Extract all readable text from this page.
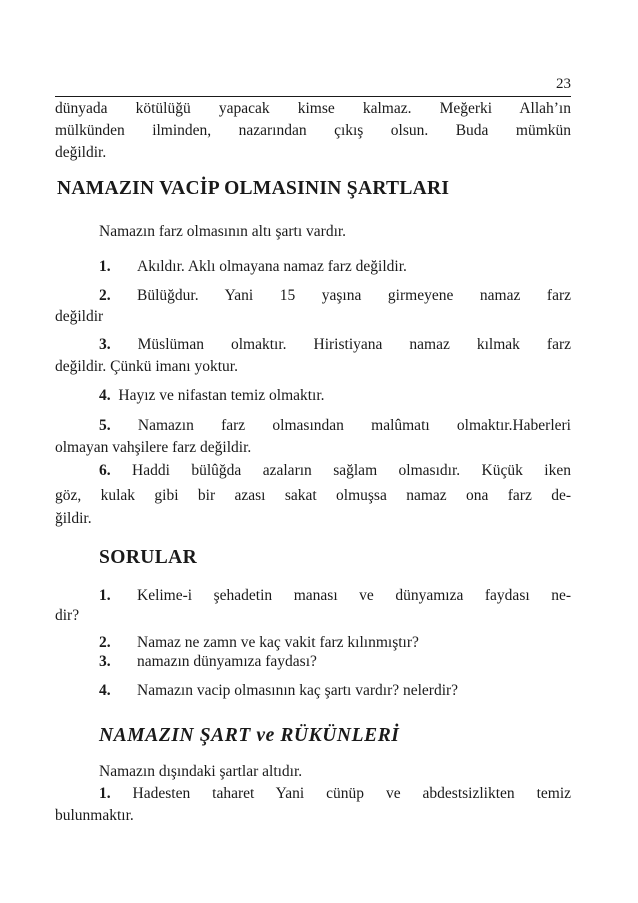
23
dünyada kötülüğü yapacak kimse kalmaz. Meğerki Allah’ın
mülkünden ilminden, nazarından çıkış olsun. Buda mümkün
değildir.
NAMAZIN VACİP OLMASININ ŞARTLARI
Namazın farz olmasının altı şartı vardır.
1. Akıldır. Aklı olmayana namaz farz değildir.
2. Bülüğdur. Yani 15 yaşına girmeyene namaz farz
değildir
3. Müslüman olmaktır. Hiristiyana namaz kılmak farz
değildir. Çünkü imanı yoktur.
4. Hayız ve nifastan temiz olmaktır.
5. Namazın farz olmasından malûmatı olmaktır.Haberleri
olmayan vahşilere farz değildir.
6. Haddi bülûğda azaların sağlam olmasıdır. Küçük iken
göz, kulak gibi bir azası sakat olmuşsa namaz ona farz de-
ğildir.
SORULAR
1. Kelime-i şehadetin manası ve dünyamıza faydası ne-
dir?
2. Namaz ne zamn ve kaç vakit farz kılınmıştır?
3. namazın dünyamıza faydası?
4. Namazın vacip olmasının kaç şartı vardır? nelerdir?
NAMAZIN ŞART ve RÜKÜNLERİ
Namazın dışındaki şartlar altıdır.
1. Hadesten taharet Yani cünüp ve abdestsizlikten temiz
bulunmaktır.
